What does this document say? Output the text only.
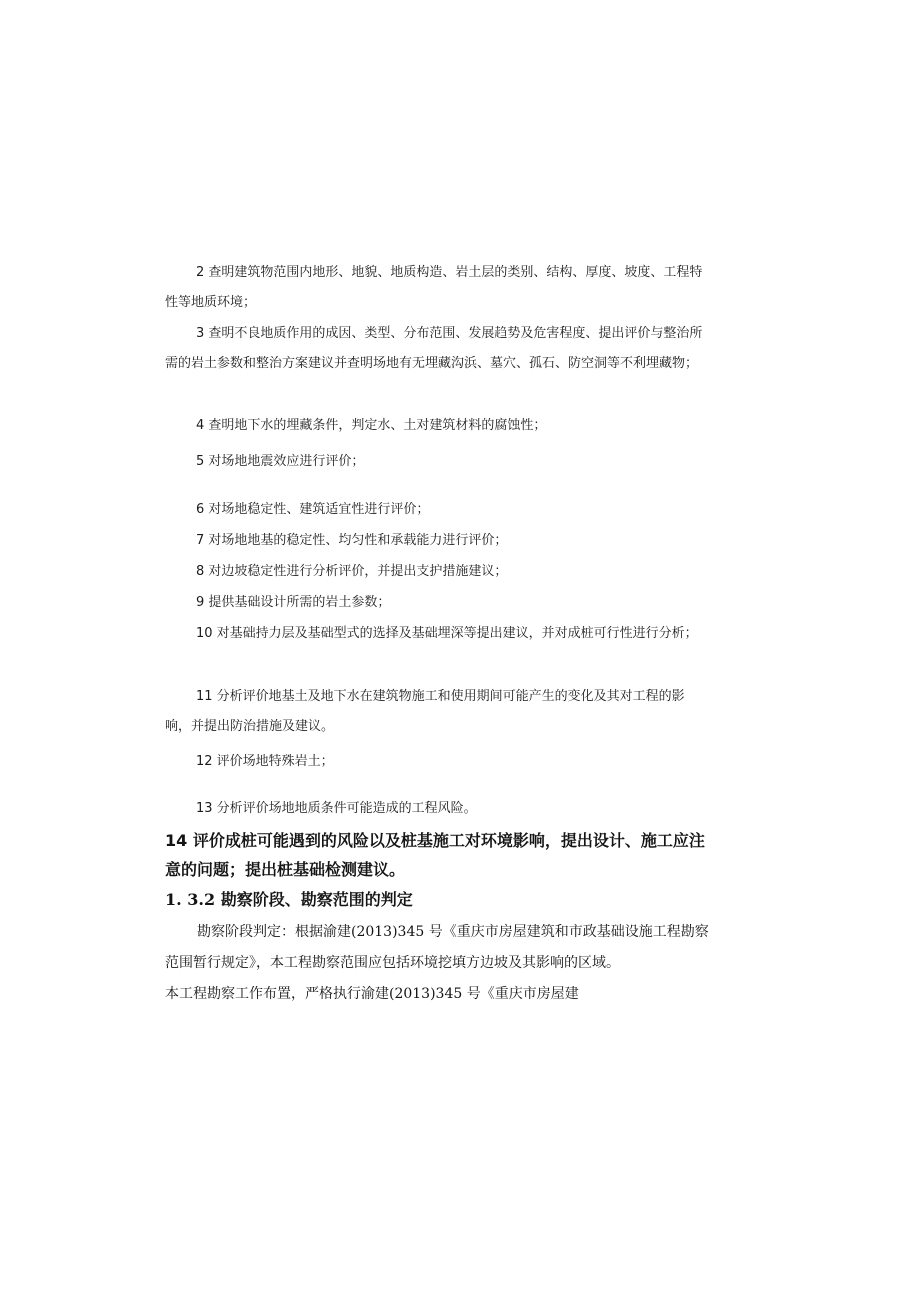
2 查明建筑物范围内地形、地貌、地质构造、岩土层的类别、结构、厚度、坡度、工程特性等地质环境；

3 查明不良地质作用的成因、类型、分布范围、发展趋势及危害程度、提出评价与整治所需的岩土参数和整治方案建议并查明场地有无埋藏沟浜、墓穴、孤石、防空洞等不利埋藏物；

4 查明地下水的埋藏条件，判定水、土对建筑材料的腐蚀性；

5 对场地地震效应进行评价；

6 对场地稳定性、建筑适宜性进行评价；

7 对场地地基的稳定性、均匀性和承载能力进行评价；

8 对边坡稳定性进行分析评价，并提出支护措施建议；

9 提供基础设计所需的岩土参数；

10 对基础持力层及基础型式的选择及基础埋深等提出建议，并对成桩可行性进行分析；

11 分析评价地基土及地下水在建筑物施工和使用期间可能产生的变化及其对工程的影响，并提出防治措施及建议。

12 评价场地特殊岩土；

13 分析评价场地地质条件可能造成的工程风险。

14 评价成桩可能遇到的风险以及桩基施工对环境影响，提出设计、施工应注意的问题；提出桩基础检测建议。

1. 3.2 勘察阶段、勘察范围的判定

勘察阶段判定：根据渝建(2013)345 号《重庆市房屋建筑和市政基础设施工程勘察范围暂行规定》，本工程勘察范围应包括环境挖填方边坡及其影响的区域。

本工程勘察工作布置，严格执行渝建(2013)345 号《重庆市房屋建
